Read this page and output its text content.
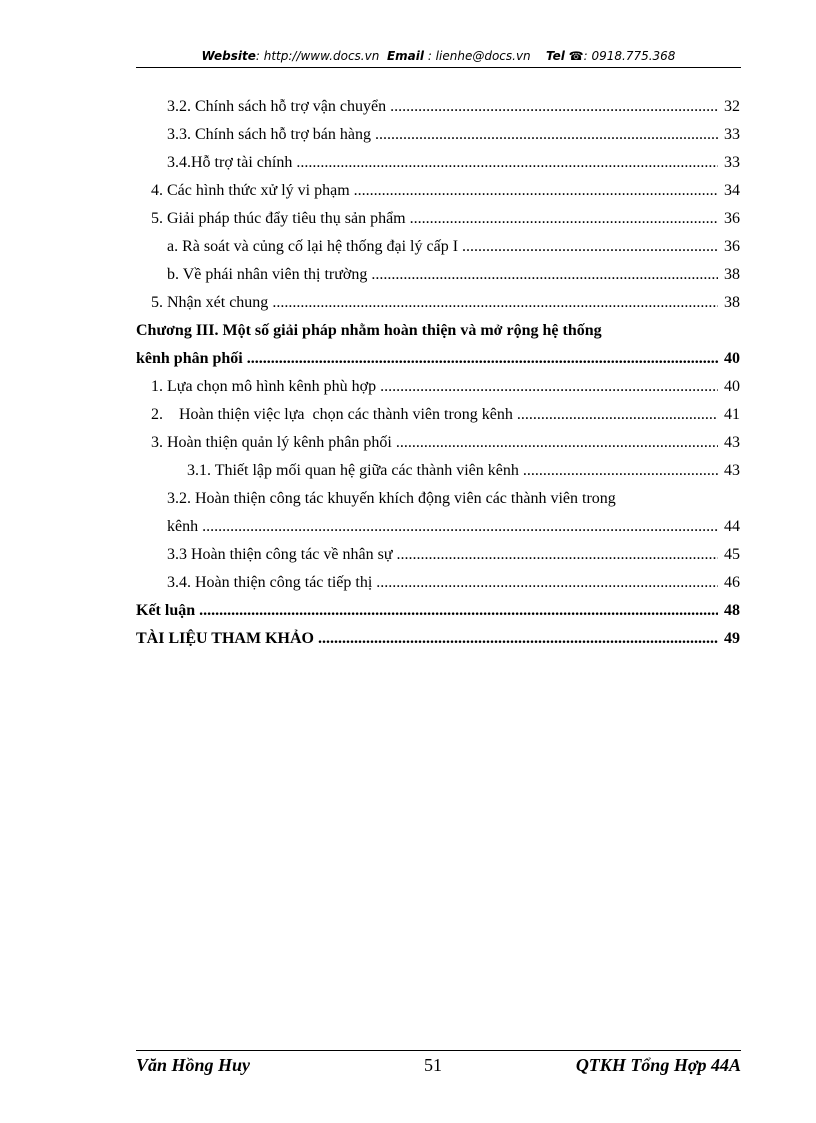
Website: http://www.docs.vn Email : lienhe@docs.vn Tel ☎: 0918.775.368
3.2. Chính sách hỗ trợ vận chuyển .....	32
3.3. Chính sách hỗ trợ bán hàng .....	33
3.4.Hỗ trợ tài chính .....	33
4. Các hình thức xử lý vi phạm .....	34
5. Giải pháp thúc đẩy tiêu thụ sản phẩm .....	36
a. Rà soát và củng cố lại hệ thống đại lý cấp I .....	36
b. Về phái nhân viên thị trường .....	38
5. Nhận xét chung .....	38
Chương III. Một số giải pháp nhằm hoàn thiện và mở rộng hệ thống
kênh phân phối .....	40
1. Lựa chọn mô hình kênh phù hợp .....	40
2.    Hoàn thiện việc lựa  chọn các thành viên trong kênh .....	41
3. Hoàn thiện quản lý kênh phân phối .....	43
3.1. Thiết lập mối quan hệ giữa các thành viên kênh .....	43
3.2. Hoàn thiện công tác khuyến khích động viên các thành viên trong
kênh .....	44
3.3 Hoàn thiện công tác về nhân sự .....	45
3.4. Hoàn thiện công tác tiếp thị .....	46
Kết luận .....	48
TÀI LIỆU THAM KHẢO .....	49
Văn Hồng Huy	51	QTKH Tổng Hợp 44A
